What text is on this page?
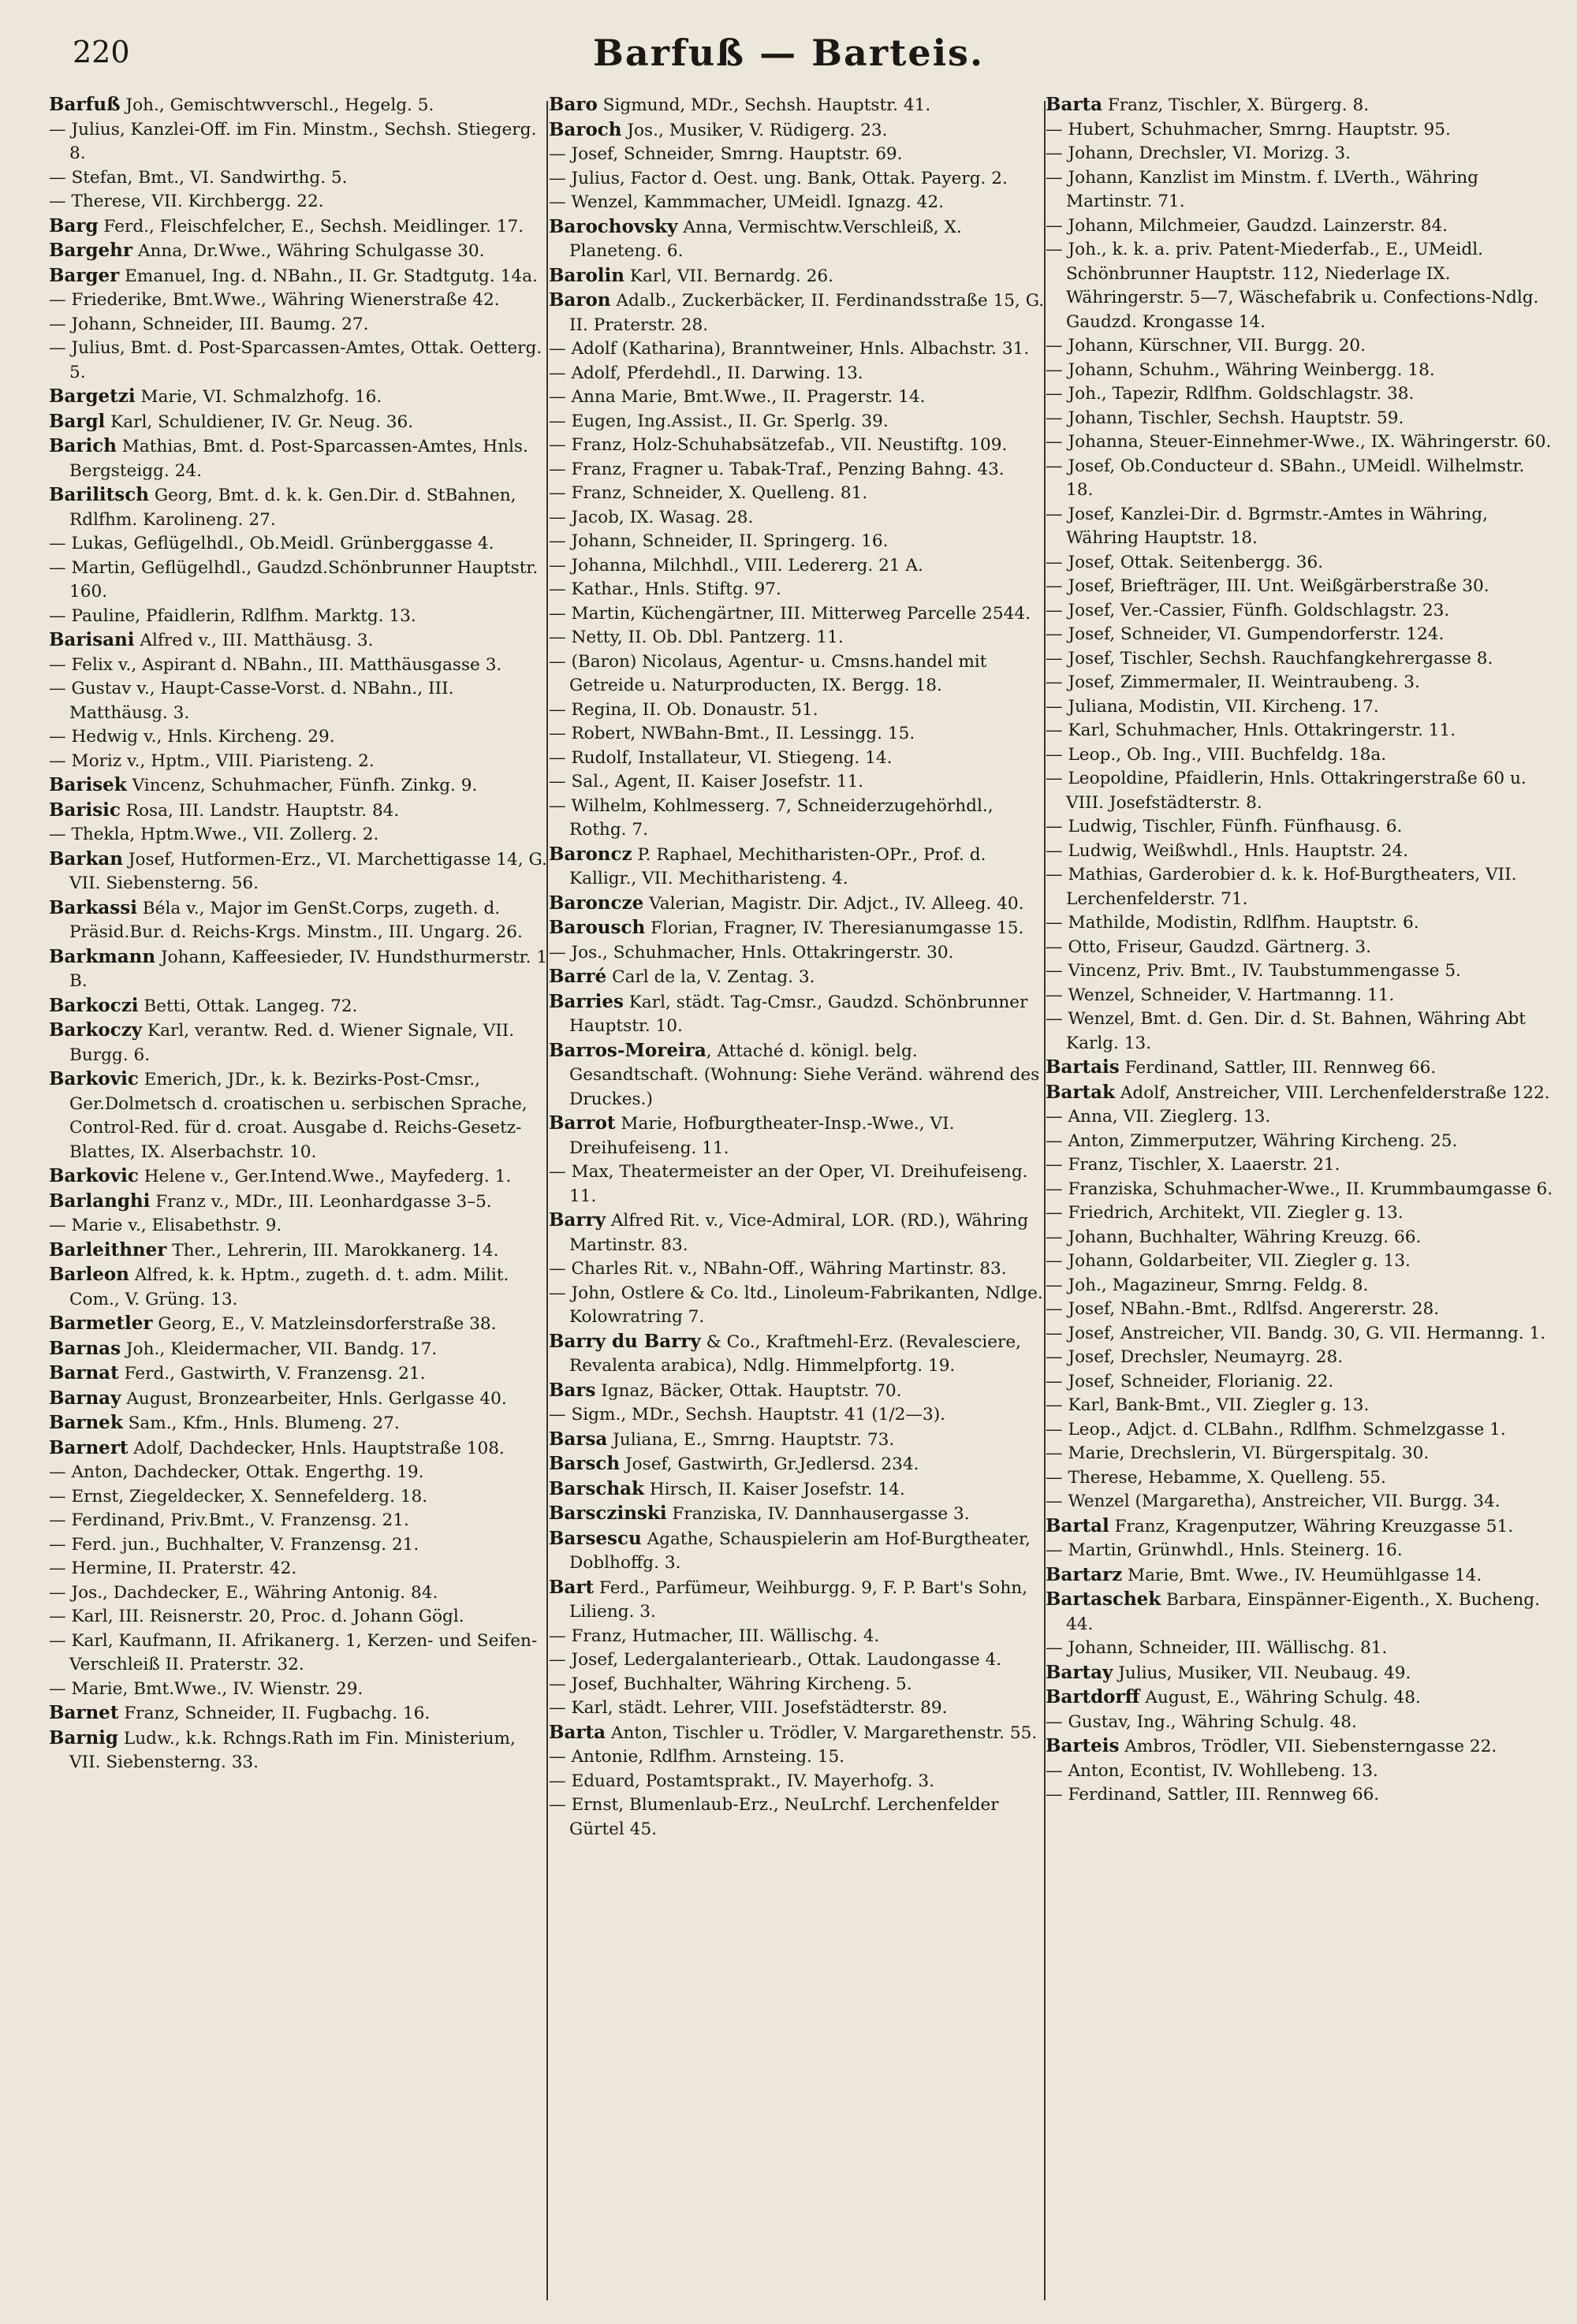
220	Barfuß — Barteis.
Barfuß Joh., Gemischtwverschl., Hegelg. 5.
— Julius, Kanzlei-Off. im Fin. Minstm., Sechsh. Stiegerg. 8.
— Stefan, Bmt., VI. Sandwirthg. 5.
— Therese, VII. Kirchbergg. 22.
Barg Ferd., Fleischfelcher, E., Sechsh. Meidlinger. 17.
Bargehr Anna, Dr.Wwe., Währing Schulgasse 30.
Barger Emanuel, Ing. d. NBahn., II. Gr. Stadtgutg. 14a.
— Friederike, Bmt.Wwe., Währing Wienerstraße 42.
— Johann, Schneider, III. Baumg. 27.
— Julius, Bmt. d. Post-Sparcassen-Amtes, Ottak. Oetterg. 5.
Bargetzi Marie, VI. Schmalzhofg. 16.
Bargl Karl, Schuldiener, IV. Gr. Neug. 36.
Barich Mathias, Bmt. d. Post-Sparcassen-Amtes, Hnls. Bergsteigg. 24.
Barilitsch Georg, Bmt. d. k. k. Gen.Dir. d. StBahnen, Rdlfhm. Karolineng. 27.
— Lukas, Geflügelhdl., Ob.Meidl. Grünberggasse 4.
— Martin, Geflügelhdl., Gaudzd.Schönbrunner Hauptstr. 160.
— Pauline, Pfaidlerin, Rdlfhm. Marktg. 13.
Barisani Alfred v., III. Matthäusg. 3.
— Felix v., Aspirant d. NBahn., III. Matthäusgasse 3.
— Gustav v., Haupt-Casse-Vorst. d. NBahn., III. Matthäusg. 3.
— Hedwig v., Hnls. Kircheng. 29.
— Moriz v., Hptm., VIII. Piaristeng. 2.
Barisek Vincenz, Schuhmacher, Fünfh. Zinkg. 9.
Barisic Rosa, III. Landstr. Hauptstr. 84.
— Thekla, Hptm.Wwe., VII. Zollerg. 2.
Barkan Josef, Hutformen-Erz., VI. Marchettigasse 14, G. VII. Siebensterng. 56.
Barkassi Béla v., Major im GenSt.Corps, zugeth. d. Präsid.Bur. d. Reichs-Krgs. Minstm., III. Ungarg. 26.
Barkmann Johann, Kaffeesieder, IV. Hundsthurmerstr. 1 B.
Barkoczi Betti, Ottak. Langeg. 72.
Barkoczy Karl, verantw. Red. d. Wiener Signale, VII. Burgg. 6.
Barkovic Emerich, JDr., k. k. Bezirks-Post-Cmsr., Ger.Dolmetsch d. croatischen u. serbischen Sprache, Control-Red. für d. croat. Ausgabe d. Reichs-Gesetz-Blattes, IX. Alserbachstr. 10.
Barkovic Helene v., Ger.Intend.Wwe., Mayfederg. 1.
Barlanghi Franz v., MDr., III. Leonhardgasse 3–5.
— Marie v., Elisabethstr. 9.
Barleithner Ther., Lehrerin, III. Marokkanerg. 14.
Barleon Alfred, k. k. Hptm., zugeth. d. t. adm. Milit. Com., V. Grüng. 13.
Barmetler Georg, E., V. Matzleinsdorferstraße 38.
Barnas Joh., Kleidermacher, VII. Bandg. 17.
Barnat Ferd., Gastwirth, V. Franzensg. 21.
Barnay August, Bronzearbeiter, Hnls. Gerlgasse 40.
Barnek Sam., Kfm., Hnls. Blumeng. 27.
Barnert Adolf, Dachdecker, Hnls. Hauptstraße 108.
— Anton, Dachdecker, Ottak. Engerthg. 19.
— Ernst, Ziegeldecker, X. Sennefelderg. 18.
— Ferdinand, Priv.Bmt., V. Franzensg. 21.
— Ferd. jun., Buchhalter, V. Franzensg. 21.
— Hermine, II. Praterstr. 42.
— Jos., Dachdecker, E., Währing Antonig. 84.
— Karl, III. Reisnerstr. 20, Proc. d. Johann Gögl.
— Karl, Kaufmann, II. Afrikanerg. 1, Kerzen- und Seifen-Verschleiß II. Praterstr. 32.
— Marie, Bmt.Wwe., IV. Wienstr. 29.
Barnet Franz, Schneider, II. Fugbachg. 16.
Barnig Ludw., k.k. Rchngs.Rath im Fin. Ministerium, VII. Siebensterng. 33.
Baro Sigmund, MDr., Sechsh. Hauptstr. 41.
Baroch Jos., Musiker, V. Rüdigerg. 23.
— Josef, Schneider, Smrng. Hauptstr. 69.
— Julius, Factor d. Oest. ung. Bank, Ottak. Payerg. 2.
— Wenzel, Kammmacher, UMeidl. Ignazg. 42.
Barochovsky Anna, Vermischtw.Verschleiß, X. Planeteng. 6.
Barolin Karl, VII. Bernardg. 26.
Baron Adalb., Zuckerbäcker, II. Ferdinandsstraße 15, G. II. Praterstr. 28.
— Adolf (Katharina), Branntweiner, Hnls. Albachstr. 31.
— Adolf, Pferdehdl., II. Darwing. 13.
— Anna Marie, Bmt.Wwe., II. Pragerstr. 14.
— Eugen, Ing.Assist., II. Gr. Sperlg. 39.
— Franz, Holz-Schuhabsätzefab., VII. Neustiftg. 109.
— Franz, Fragner u. Tabak-Traf., Penzing Bahng. 43.
— Franz, Schneider, X. Quelleng. 81.
— Jacob, IX. Wasag. 28.
— Johann, Schneider, II. Springerg. 16.
— Johanna, Milchhdl., VIII. Ledererg. 21 A.
— Kathar., Hnls. Stiftg. 97.
— Martin, Küchengärtner, III. Mitterweg Parcelle 2544.
— Netty, II. Ob. Dbl. Pantzerg. 11.
— (Baron) Nicolaus, Agentur- u. Cmsns.handel mit Getreide u. Naturproducten, IX. Bergg. 18.
— Regina, II. Ob. Donaustr. 51.
— Robert, NWBahn-Bmt., II. Lessingg. 15.
— Rudolf, Installateur, VI. Stiegeng. 14.
— Sal., Agent, II. Kaiser Josefstr. 11.
— Wilhelm, Kohlmesserg. 7, Schneiderzugehörhdl., Rothg. 7.
Baroncz P. Raphael, Mechitharisten-OPr., Prof. d. Kalligr., VII. Mechitharisteng. 4.
Baroncze Valerian, Magistr. Dir. Adjct., IV. Alleeg. 40.
Barousch Florian, Fragner, IV. Theresianumgasse 15.
— Jos., Schuhmacher, Hnls. Ottakringerstr. 30.
Barré Carl de la, V. Zentag. 3.
Barries Karl, städt. Tag-Cmsr., Gaudzd. Schönbrunner Hauptstr. 10.
Barros-Moreira, Attaché d. königl. belg. Gesandtschaft. (Wohnung: Siehe Veränd. während des Druckes.)
Barrot Marie, Hofburgtheater-Insp.-Wwe., VI. Dreihufeiseng. 11.
— Max, Theatermeister an der Oper, VI. Dreihufeiseng. 11.
Barry Alfred Rit. v., Vice-Admiral, LOR. (RD.), Währing Martinstr. 83.
— Charles Rit. v., NBahn-Off., Währing Martinstr. 83.
— John, Ostlere & Co. ltd., Linoleum-Fabrikanten, Ndlge. Kolowratring 7.
Barry du Barry & Co., Kraftmehl-Erz. (Revalesciere, Revalenta arabica), Ndlg. Himmelpfortg. 19.
Bars Ignaz, Bäcker, Ottak. Hauptstr. 70.
— Sigm., MDr., Sechsh. Hauptstr. 41 (1/2—3).
Barsa Juliana, E., Smrng. Hauptstr. 73.
Barsch Josef, Gastwirth, Gr.Jedlersd. 234.
Barschak Hirsch, II. Kaiser Josefstr. 14.
Barsczinski Franziska, IV. Dannhausergasse 3.
Barsescu Agathe, Schauspielerin am Hof-Burgtheater, Doblhoffg. 3.
Bart Ferd., Parfümeur, Weihburgg. 9, F. P. Bart's Sohn, Lilieng. 3.
— Franz, Hutmacher, III. Wällischg. 4.
— Josef, Ledergalanteriearb., Ottak. Laudongasse 4.
— Josef, Buchhalter, Währing Kircheng. 5.
— Karl, städt. Lehrer, VIII. Josefstädterstr. 89.
Barta Anton, Tischler u. Trödler, V. Margarethenstr. 55.
— Antonie, Rdlfhm. Arnsteing. 15.
— Eduard, Postamtsprakt., IV. Mayerhofg. 3.
— Ernst, Blumenlaub-Erz., NeuLrchf. Lerchenfelder Gürtel 45.
Barta Franz, Tischler, X. Bürgerg. 8.
— Hubert, Schuhmacher, Smrng. Hauptstr. 95.
— Johann, Drechsler, VI. Morizg. 3.
— Johann, Kanzlist im Minstm. f. LVerth., Währing Martinstr. 71.
— Johann, Milchmeier, Gaudzd. Lainzerstr. 84.
— Joh., k. k. a. priv. Patent-Miederfab., E., UMeidl. Schönbrunner Hauptstr. 112, Niederlage IX. Währingerstr. 5—7, Wäschefabrik u. Confections-Ndlg. Gaudzd. Krongasse 14.
— Johann, Kürschner, VII. Burgg. 20.
— Johann, Schuhm., Währing Weinbergg. 18.
— Joh., Tapezir, Rdlfhm. Goldschlagstr. 38.
— Johann, Tischler, Sechsh. Hauptstr. 59.
— Johanna, Steuer-Einnehmer-Wwe., IX. Währingerstr. 60.
— Josef, Ob.Conducteur d. SBahn., UMeidl. Wilhelmstr. 18.
— Josef, Kanzlei-Dir. d. Bgrmstr.-Amtes in Währing, Währing Hauptstr. 18.
— Josef, Ottak. Seitenbergg. 36.
— Josef, Briefträger, III. Unt. Weißgärberstraße 30.
— Josef, Ver.-Cassier, Fünfh. Goldschlagstr. 23.
— Josef, Schneider, VI. Gumpendorferstr. 124.
— Josef, Tischler, Sechsh. Rauchfangkehrergasse 8.
— Josef, Zimmermaler, II. Weintraubeng. 3.
— Juliana, Modistin, VII. Kircheng. 17.
— Karl, Schuhmacher, Hnls. Ottakringerstr. 11.
— Leop., Ob. Ing., VIII. Buchfeldg. 18a.
— Leopoldine, Pfaidlerin, Hnls. Ottakringerstraße 60 u. VIII. Josefstädterstr. 8.
— Ludwig, Tischler, Fünfh. Fünfhausg. 6.
— Ludwig, Weißwhdl., Hnls. Hauptstr. 24.
— Mathias, Garderobier d. k. k. Hof-Burgtheaters, VII. Lerchenfelderstr. 71.
— Mathilde, Modistin, Rdlfhm. Hauptstr. 6.
— Otto, Friseur, Gaudzd. Gärtnerg. 3.
— Vincenz, Priv. Bmt., IV. Taubstummengasse 5.
— Wenzel, Schneider, V. Hartmanng. 11.
— Wenzel, Bmt. d. Gen. Dir. d. St. Bahnen, Währing Abt Karlg. 13.
Bartais Ferdinand, Sattler, III. Rennweg 66.
Bartak Adolf, Anstreicher, VIII. Lerchenfelderstraße 122.
— Anna, VII. Zieglerg. 13.
— Anton, Zimmerputzer, Währing Kircheng. 25.
— Franz, Tischler, X. Laaerstr. 21.
— Franziska, Schuhmacher-Wwe., II. Krummbaumgasse 6.
— Friedrich, Architekt, VII. Ziegler g. 13.
— Johann, Buchhalter, Währing Kreuzg. 66.
— Johann, Goldarbeiter, VII. Ziegler g. 13.
— Joh., Magazineur, Smrng. Feldg. 8.
— Josef, NBahn.-Bmt., Rdlfsd. Angererstr. 28.
— Josef, Anstreicher, VII. Bandg. 30, G. VII. Hermanng. 1.
— Josef, Drechsler, Neumayrg. 28.
— Josef, Schneider, Florianig. 22.
— Karl, Bank-Bmt., VII. Ziegler g. 13.
— Leop., Adjct. d. CLBahn., Rdlfhm. Schmelzgasse 1.
— Marie, Drechslerin, VI. Bürgerspitalg. 30.
— Therese, Hebamme, X. Quelleng. 55.
— Wenzel (Margaretha), Anstreicher, VII. Burgg. 34.
Bartal Franz, Kragenputzer, Währing Kreuzgasse 51.
— Martin, Grünwhdl., Hnls. Steinerg. 16.
Bartarz Marie, Bmt. Wwe., IV. Heumühlgasse 14.
Bartaschek Barbara, Einspänner-Eigenth., X. Bucheng. 44.
— Johann, Schneider, III. Wällischg. 81.
Bartay Julius, Musiker, VII. Neubaug. 49.
Bartdorff August, E., Währing Schulg. 48.
— Gustav, Ing., Währing Schulg. 48.
Barteis Ambros, Trödler, VII. Siebensterngasse 22.
— Anton, Econtist, IV. Wohllebeng. 13.
— Ferdinand, Sattler, III. Rennweg 66.
